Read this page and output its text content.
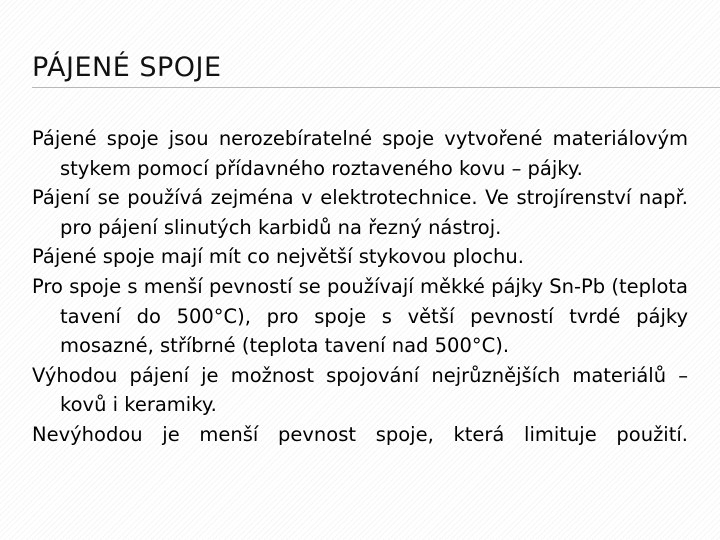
PÁJENÉ SPOJE

Pájené spoje jsou nerozebíratelné spoje vytvořené materiálovým stykem pomocí přídavného roztaveného kovu – pájky.

Pájení se používá zejména v elektrotechnice. Ve strojírenství např. pro pájení slinutých karbidů na řezný nástroj.

Pájené spoje mají mít co největší stykovou plochu.

Pro spoje s menší pevností se používají měkké pájky Sn-Pb (teplota tavení do 500°C), pro spoje s větší pevností tvrdé pájky mosazné, stříbrné (teplota tavení nad 500°C).

Výhodou pájení je možnost spojování nejrůznějších materiálů – kovů i keramiky.

Nevýhodou je menší pevnost spoje, která limituje použití.
